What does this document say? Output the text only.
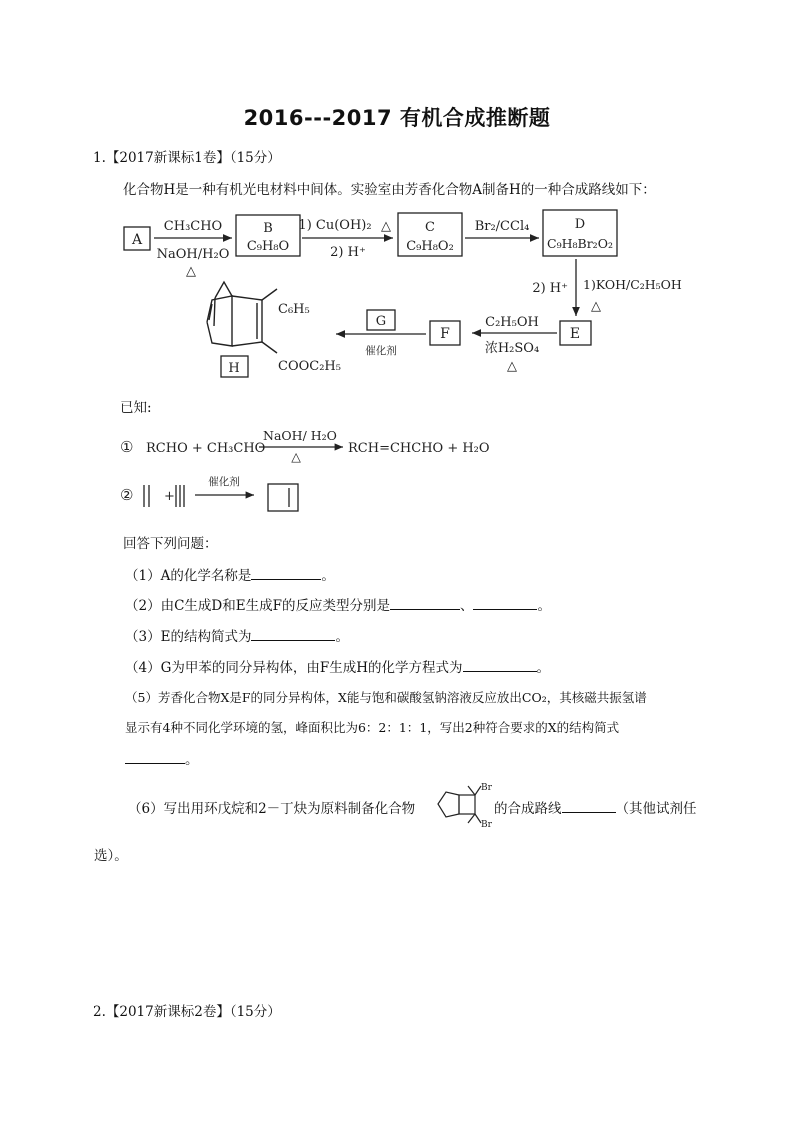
2016---2017 有机合成推断题
1.【2017新课标1卷】（15分）
化合物H是一种有机光电材料中间体。实验室由芳香化合物A制备H的一种合成路线如下：
A
CH₃CHO
NaOH/H₂O
△
B
C₉H₈O
1) Cu(OH)₂ △
2) H⁺
C
C₉H₈O₂
Br₂/CCl₄	D
C₉H₈Br₂O₂
2) H⁺ 1)KOH/C₂H₅OH
△
E
C₂H₅OH
浓H₂SO₄
△
F
G
催化剂
C₆H₅
COOC₂H₅
H
已知:
① RCHO + CH₃CHO
NaOH/ H₂O
△
RCH=CHCHO + H₂O
② +
催化剂
回答下列问题：
（1）A的化学名称是	。
（2）由C生成D和E生成F的反应类型分别是	、	。
（3）E的结构简式为	。
（4）G为甲苯的同分异构体，由F生成H的化学方程式为	。
（5）芳香化合物X是F的同分异构体，X能与饱和碳酸氢钠溶液反应放出CO₂，其核磁共振氢谱
显示有4种不同化学环境的氢，峰面积比为6：2：1：1，写出2种符合要求的X的结构简式
。
（6）写出用环戊烷和2－丁炔为原料制备化合物
Br
Br
的合成路线	（其他试剂任
选）。
2.【2017新课标2卷】（15分）
